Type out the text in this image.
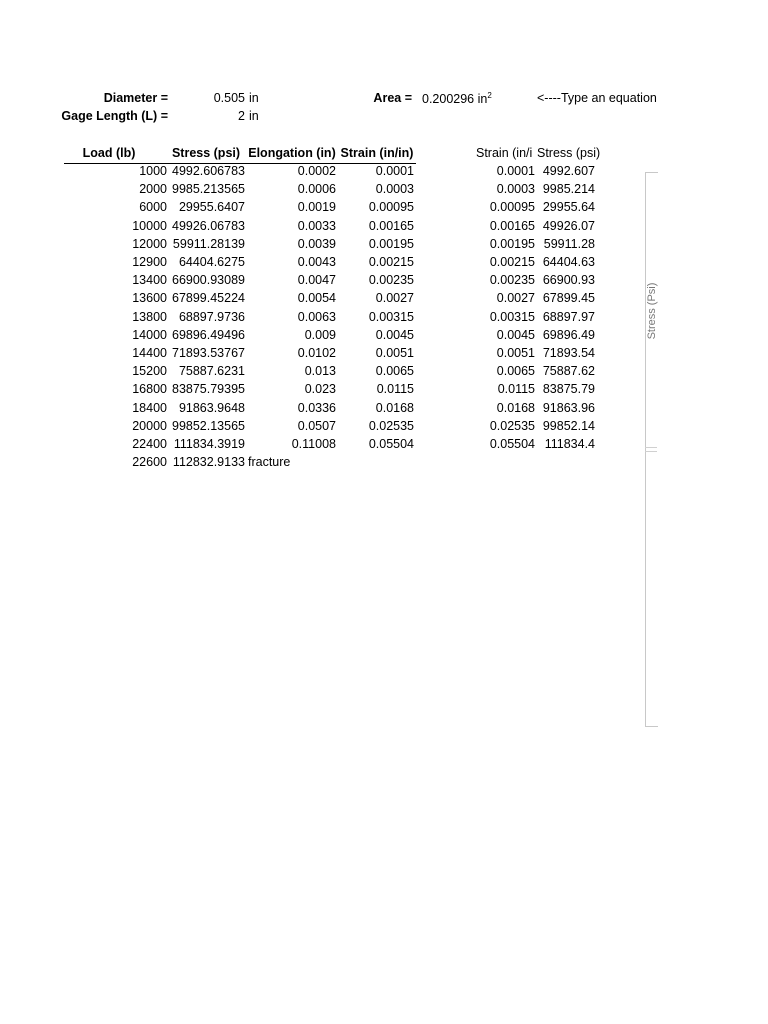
Diameter =	0.505 in
Gage Length (L) =	2 in
Area = 0.200296 $in^2$	<----Type an equation
Load (lb)	Stress (psi) Elongation (in) Strain (in/in)
1000 4992.606783	0.0002	0.0001
2000 9985.213565	0.0006	0.0003
6000 29955.6407	0.0019	0.00095
10000 49926.06783	0.0033	0.00165
12000 59911.28139	0.0039	0.00195
12900 64404.6275	0.0043	0.00215
13400 66900.93089	0.0047	0.00235
13600 67899.45224	0.0054	0.0027
13800 68897.9736	0.0063	0.00315
14000 69896.49496	0.009	0.0045
14400 71893.53767	0.0102	0.0051
15200 75887.6231	0.013	0.0065
16800 83875.79395	0.023	0.0115
18400 91863.9648	0.0336	0.0168
20000 99852.13565	0.0507	0.02535
22400 111834.3919	0.11008	0.05504
22600 112832.9133 fracture
Strain (in/i Stress (psi)
0.0001 4992.607
0.0003 9985.214
0.00095 29955.64
0.00165 49926.07
0.00195 59911.28
0.00215 64404.63
0.00235 66900.93
0.0027 67899.45
0.00315 68897.97
0.0045 69896.49
0.0051 71893.54
0.0065 75887.62
0.0115 83875.79
0.0168 91863.96
0.02535 99852.14
0.05504 111834.4
Stress (Psi)
